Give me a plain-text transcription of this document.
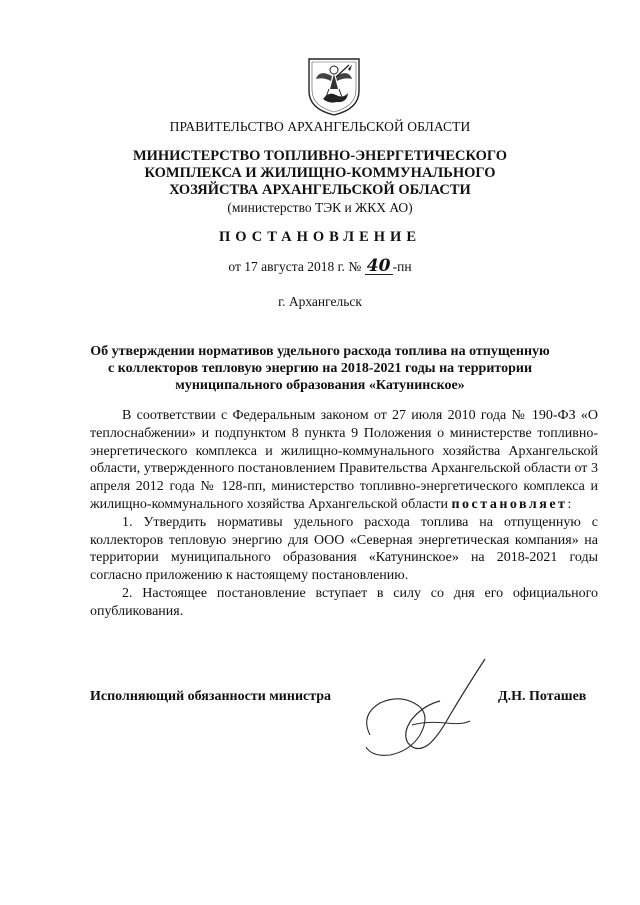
ПРАВИТЕЛЬСТВО АРХАНГЕЛЬСКОЙ ОБЛАСТИ
МИНИСТЕРСТВО ТОПЛИВНО-ЭНЕРГЕТИЧЕСКОГО
КОМПЛЕКСА И ЖИЛИЩНО-КОММУНАЛЬНОГО
ХОЗЯЙСТВА АРХАНГЕЛЬСКОЙ ОБЛАСТИ
(министерство ТЭК и ЖКХ АО)
ПОСТАНОВЛЕНИЕ
от 17 августа 2018 г. № 40 -пн
г. Архангельск
Об утверждении нормативов удельного расхода топлива на отпущенную
с коллекторов тепловую энергию на 2018-2021 годы на территории
муниципального образования «Катунинское»

В соответствии с Федеральным законом от 27 июля 2010 года № 190-ФЗ «О теплоснабжении» и подпунктом 8 пункта 9 Положения о министерстве топливно-энергетического комплекса и жилищно-коммунального хозяйства Архангельской области, утвержденного постановлением Правительства Архангельской области от 3 апреля 2012 года № 128-пп, министерство топливно-энергетического комплекса и жилищно-коммунального хозяйства Архангельской области постановляет:

1. Утвердить нормативы удельного расхода топлива на отпущенную с коллекторов тепловую энергию для ООО «Северная энергетическая компания» на территории муниципального образования «Катунинское» на 2018-2021 годы согласно приложению к настоящему постановлению.

2. Настоящее постановление вступает в силу со дня его официального опубликования.

Исполняющий обязанности министра	Д.Н. Поташев
